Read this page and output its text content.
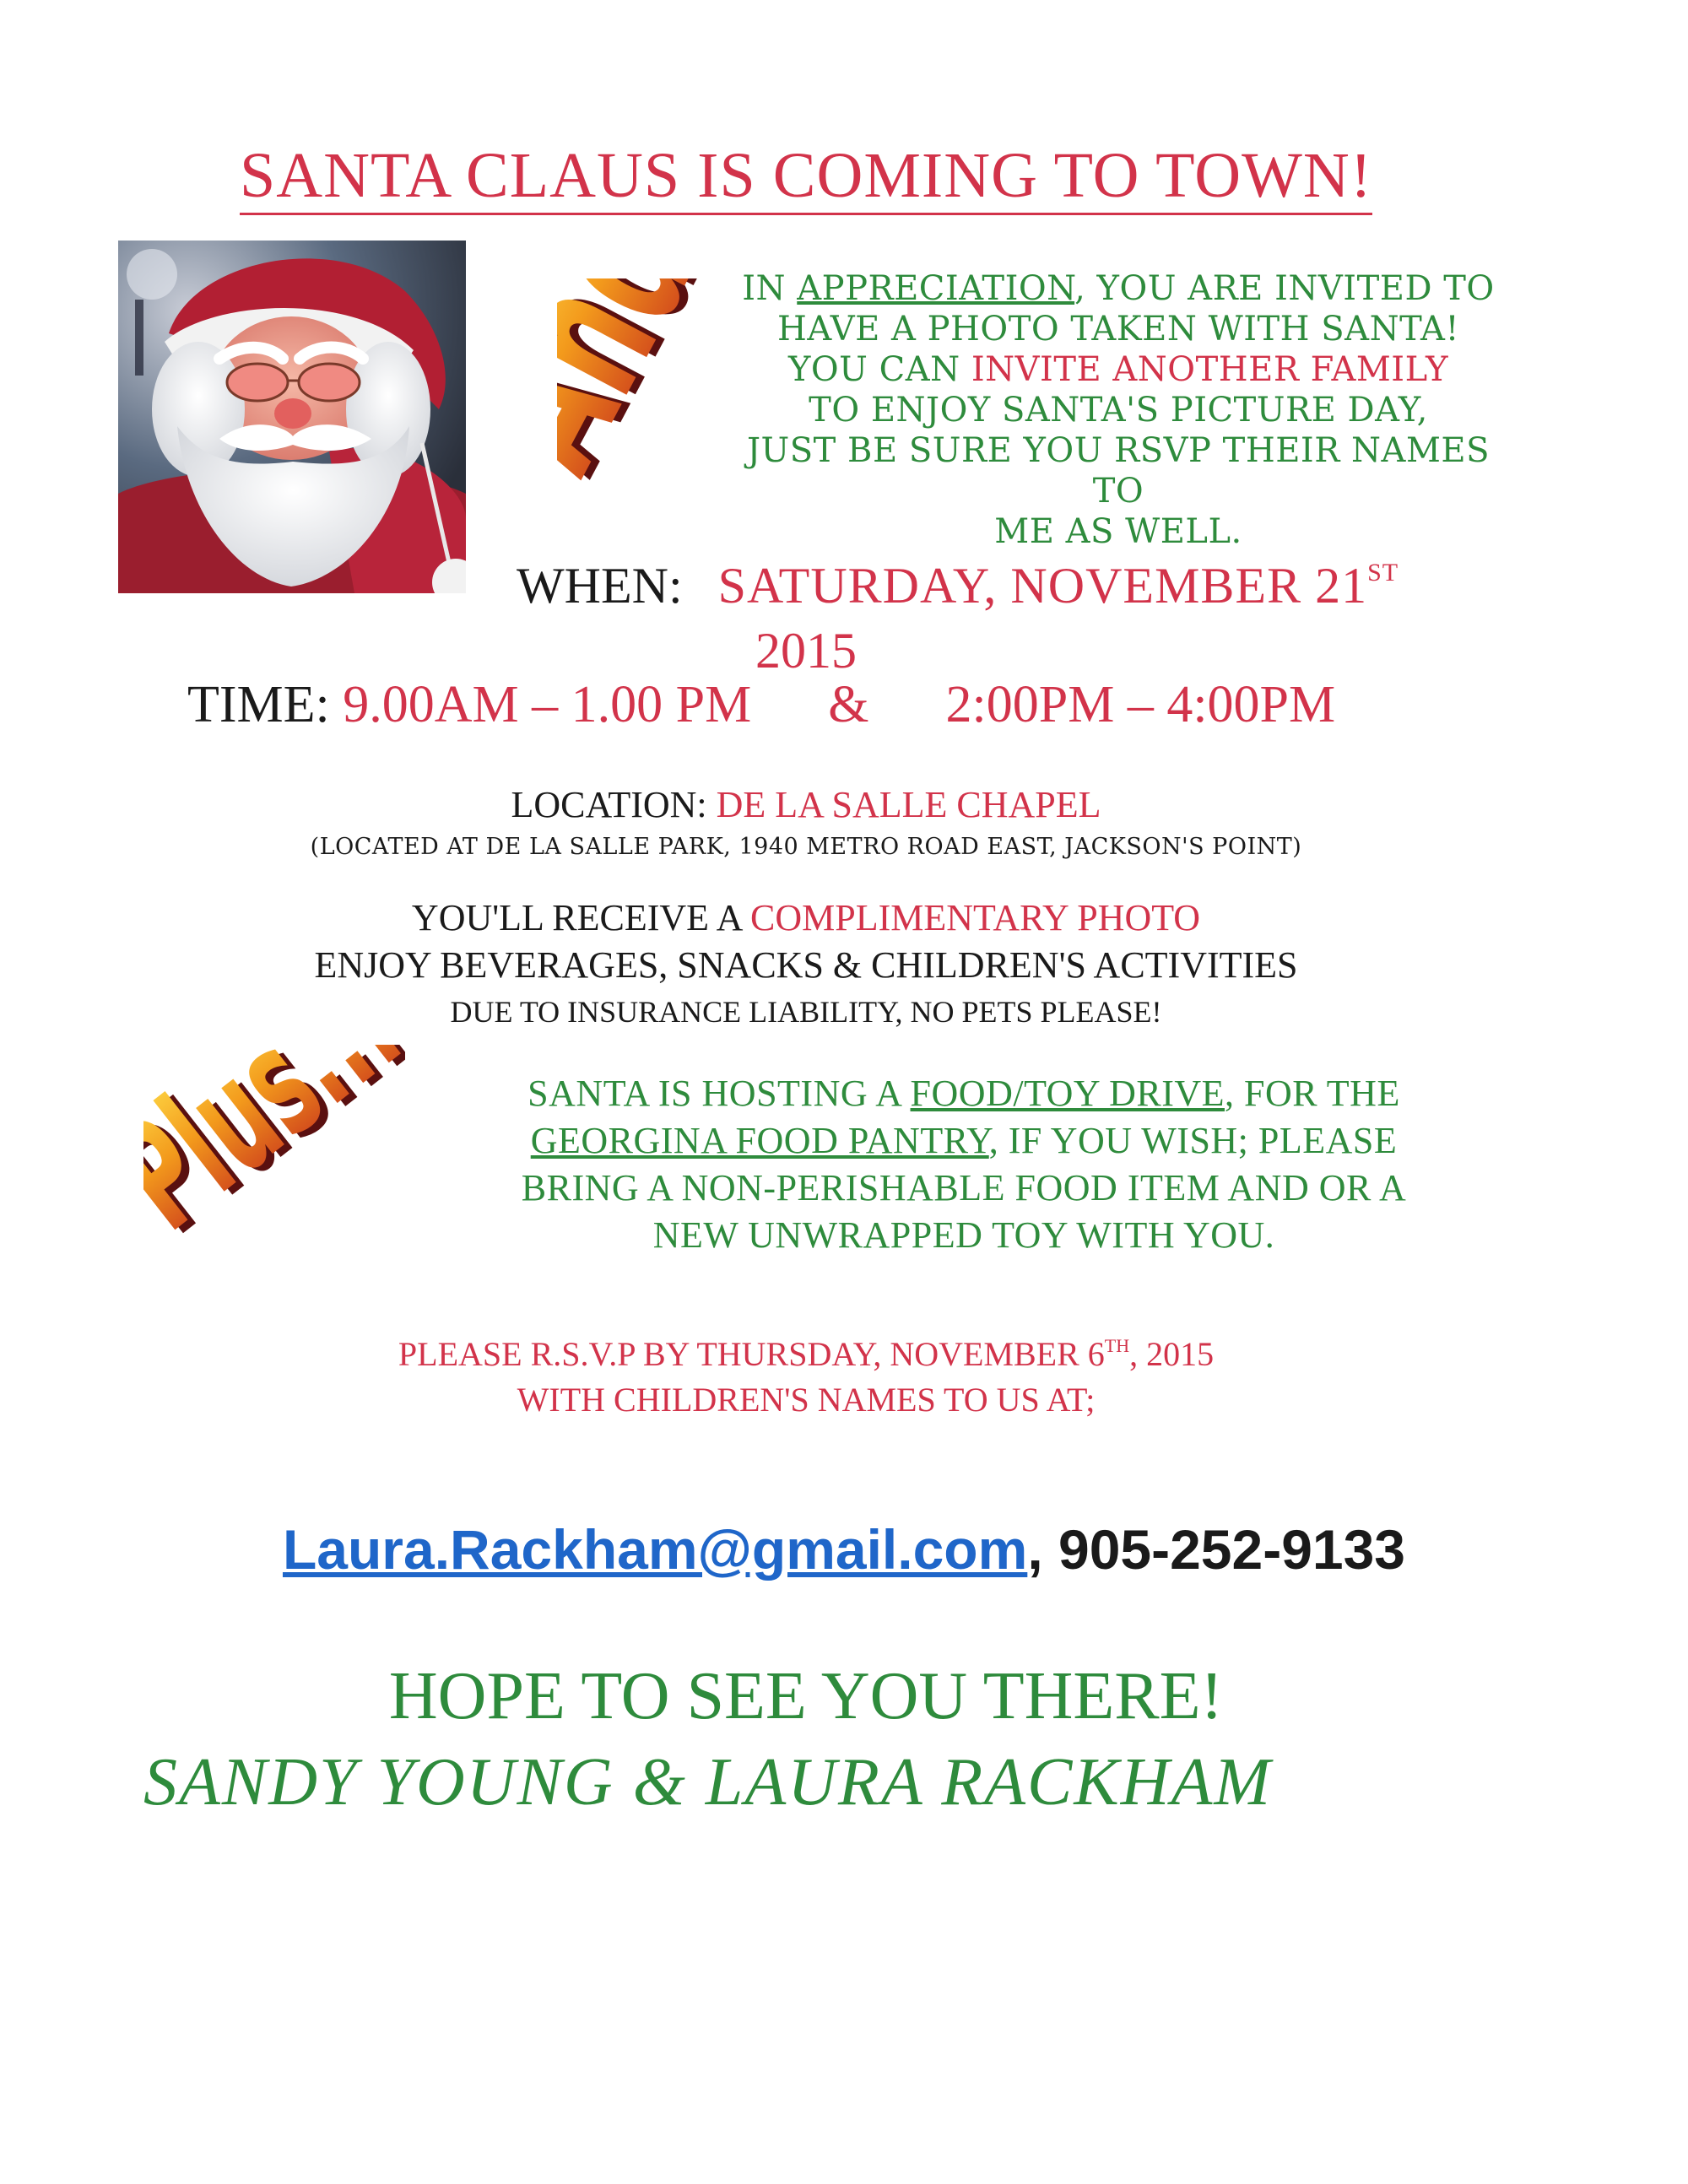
SANTA CLAUS IS COMING TO TOWN!
IN APPRECIATION, YOU ARE INVITED TO
HAVE A PHOTO TAKEN WITH SANTA!
YOU CAN INVITE ANOTHER FAMILY
TO ENJOY SANTA'S PICTURE DAY,
JUST BE SURE YOU RSVP THEIR NAMES TO
ME AS WELL.
WHEN: SATURDAY, NOVEMBER 21ST
2015
TIME: 9.00AM – 1.00 PM & 2:00PM – 4:00PM
LOCATION: DE LA SALLE CHAPEL
(LOCATED AT DE LA SALLE PARK, 1940 METRO ROAD EAST, JACKSON'S POINT)
YOU'LL RECEIVE A COMPLIMENTARY PHOTO
ENJOY BEVERAGES, SNACKS & CHILDREN'S ACTIVITIES
DUE TO INSURANCE LIABILITY, NO PETS PLEASE!
Plus...
Plus...	SANTA IS HOSTING A FOOD/TOY DRIVE, FOR THE
GEORGINA FOOD PANTRY, IF YOU WISH; PLEASE
BRING A NON-PERISHABLE FOOD ITEM AND OR A
NEW UNWRAPPED TOY WITH YOU.
PLEASE R.S.V.P BY THURSDAY, NOVEMBER 6TH, 2015
WITH CHILDREN'S NAMES TO US AT;
Laura.Rackham@gmail.com, 905-252-9133
HOPE TO SEE YOU THERE!
SANDY YOUNG & LAURA RACKHAM
